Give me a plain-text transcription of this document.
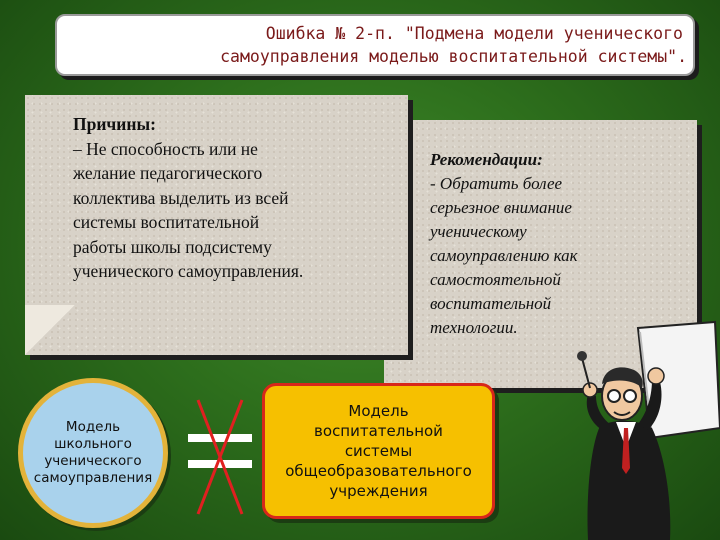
Ошибка № 2-п. "Подмена модели ученического
самоуправления моделью воспитательной системы".
Причины:
– Не способность или не
желание педагогического
коллектива выделить из всей
системы воспитательной
работы школы подсистему
ученического самоуправления.
Рекомендации:
- Обратить более
серьезное внимание
ученическому
самоуправлению как
самостоятельной
воспитательной
технологии.
Модель
школьного
ученического
самоуправления
Модель
воспитательной
системы
общеобразовательного
учреждения
